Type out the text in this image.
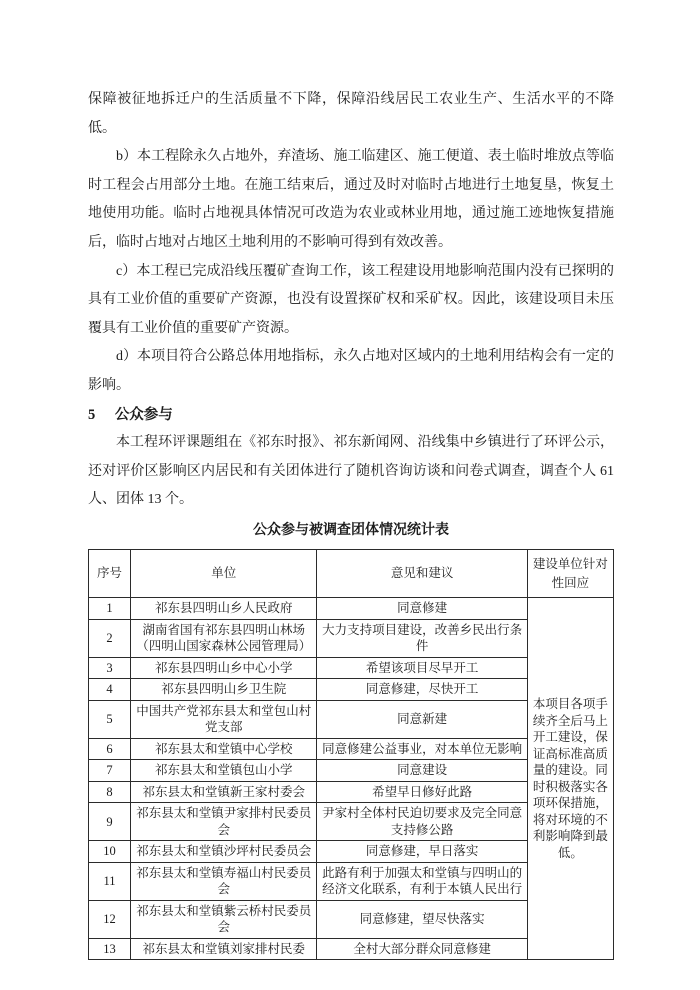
保障被征地拆迁户的生活质量不下降，保障沿线居民工农业生产、生活水平的不降低。

b）本工程除永久占地外，弃渣场、施工临建区、施工便道、表土临时堆放点等临时工程会占用部分土地。在施工结束后，通过及时对临时占地进行土地复垦，恢复土地使用功能。临时占地视具体情况可改造为农业或林业用地，通过施工迹地恢复措施后，临时占地对占地区土地利用的不影响可得到有效改善。

c）本工程已完成沿线压覆矿查询工作，该工程建设用地影响范围内没有已探明的具有工业价值的重要矿产资源，也没有设置探矿权和采矿权。因此，该建设项目未压覆具有工业价值的重要矿产资源。

d）本项目符合公路总体用地指标，永久占地对区域内的土地利用结构会有一定的影响。

5 公众参与

本工程环评课题组在《祁东时报》、祁东新闻网、沿线集中乡镇进行了环评公示，还对评价区影响区内居民和有关团体进行了随机咨询访谈和问卷式调查，调查个人 61 人、团体 13 个。

公众参与被调查团体情况统计表
序号	单位	意见和建议	建设单位针对性回应
1	祁东县四明山乡人民政府	同意修建	本项目各项手续齐全后马上开工建设，保证高标准高质量的建设。同时积极落实各项环保措施，将对环境的不利影响降到最低。
2	湖南省国有祁东县四明山林场（四明山国家森林公园管理局）	大力支持项目建设，改善乡民出行条件	
3	祁东县四明山乡中心小学	希望该项目尽早开工	
4	祁东县四明山乡卫生院	同意修建，尽快开工	
5	中国共产党祁东县太和堂包山村党支部	同意新建	
6	祁东县太和堂镇中心学校	同意修建公益事业，对本单位无影响	
7	祁东县太和堂镇包山小学	同意建设	
8	祁东县太和堂镇新王家村委会	希望早日修好此路	
9	祁东县太和堂镇尹家排村民委员会	尹家村全体村民迫切要求及完全同意支持修公路	
10	祁东县太和堂镇沙坪村民委员会	同意修建，早日落实	
11	祁东县太和堂镇寿福山村民委员会	此路有利于加强太和堂镇与四明山的经济文化联系，有利于本镇人民出行	
12	祁东县太和堂镇紫云桥村民委员会	同意修建，望尽快落实	
13	祁东县太和堂镇刘家排村民委	全村大部分群众同意修建	
